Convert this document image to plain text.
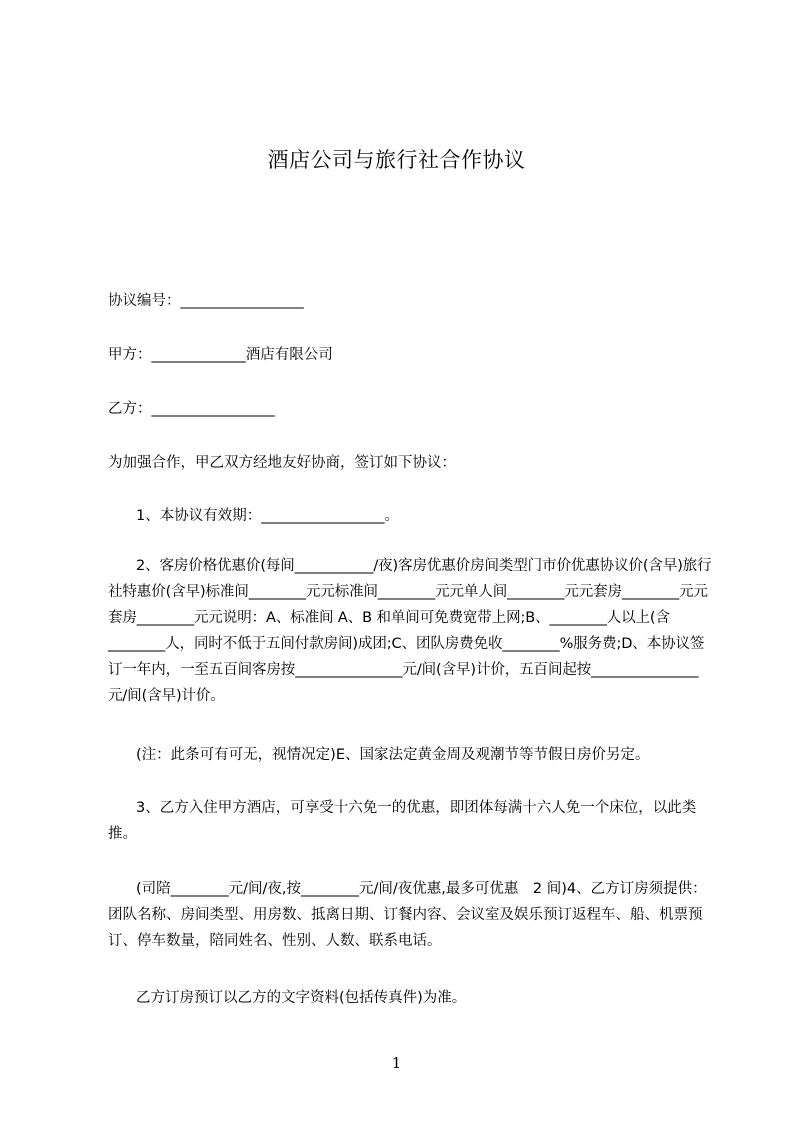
酒店公司与旅行社合作协议

协议编号：_________________

甲方：_____________酒店有限公司

乙方：_________________

为加强合作，甲乙双方经地友好协商，签订如下协议：

1、本协议有效期：_________________。

2、客房价格优惠价(每间___________/夜)客房优惠价房间类型门市价优惠协议价(含早)旅行社特惠价(含早)标准间________元元标准间________元元单人间________元元套房________元元套房________元元说明：A、标准间 A、B 和单间可免费宽带上网;B、________人以上(含________人，同时不低于五间付款房间)成团;C、团队房费免收________%服务费;D、本协议签订一年内，一至五百间客房按_______________元/间(含早)计价，五百间起按_______________元/间(含早)计价。

(注：此条可有可无，视情况定)E、国家法定黄金周及观潮节等节假日房价另定。

3、乙方入住甲方酒店，可享受十六免一的优惠，即团体每满十六人免一个床位，以此类推。

(司陪________元/间/夜,按________元/间/夜优惠,最多可优惠　2 间)4、乙方订房须提供：团队名称、房间类型、用房数、抵离日期、订餐内容、会议室及娱乐预订返程车、船、机票预订、停车数量，陪同姓名、性别、人数、联系电话。

乙方订房预订以乙方的文字资料(包括传真件)为准。

1
